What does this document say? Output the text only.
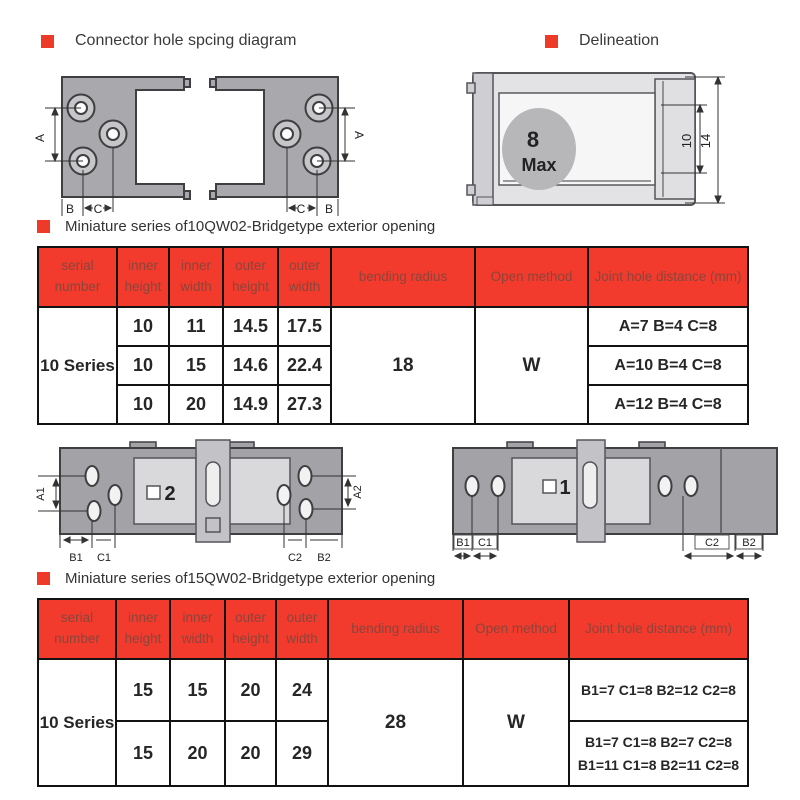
Connector hole spcing diagram	Delineation
A
B C
A
C B
8
Max
10 14
Miniature series of10QW02-Bridgetype exterior opening
serial number	inner height	inner width	outer height	outer width	bending radius	Open method	Joint hole distance (mm)
10 Series	10	11	14.5	17.5	18	W	A=7 B=4 C=8
	10	15	14.6	22.4			A=10 B=4 C=8
	10	20	14.9	27.3			A=12 B=4 C=8
2
A1	A2
B1 C1	C2 B2
1
B1 C1	C2 B2
Miniature series of15QW02-Bridgetype exterior opening
serial number	inner height	inner width	outer height	outer width	bending radius	Open method	Joint hole distance (mm)
10 Series	15	15	20	24	28	W	B1=7 C1=8 B2=12 C2=8
	15	20	20	29			B1=7 C1=8 B2=7 C2=8
B1=11 C1=8 B2=11 C2=8
